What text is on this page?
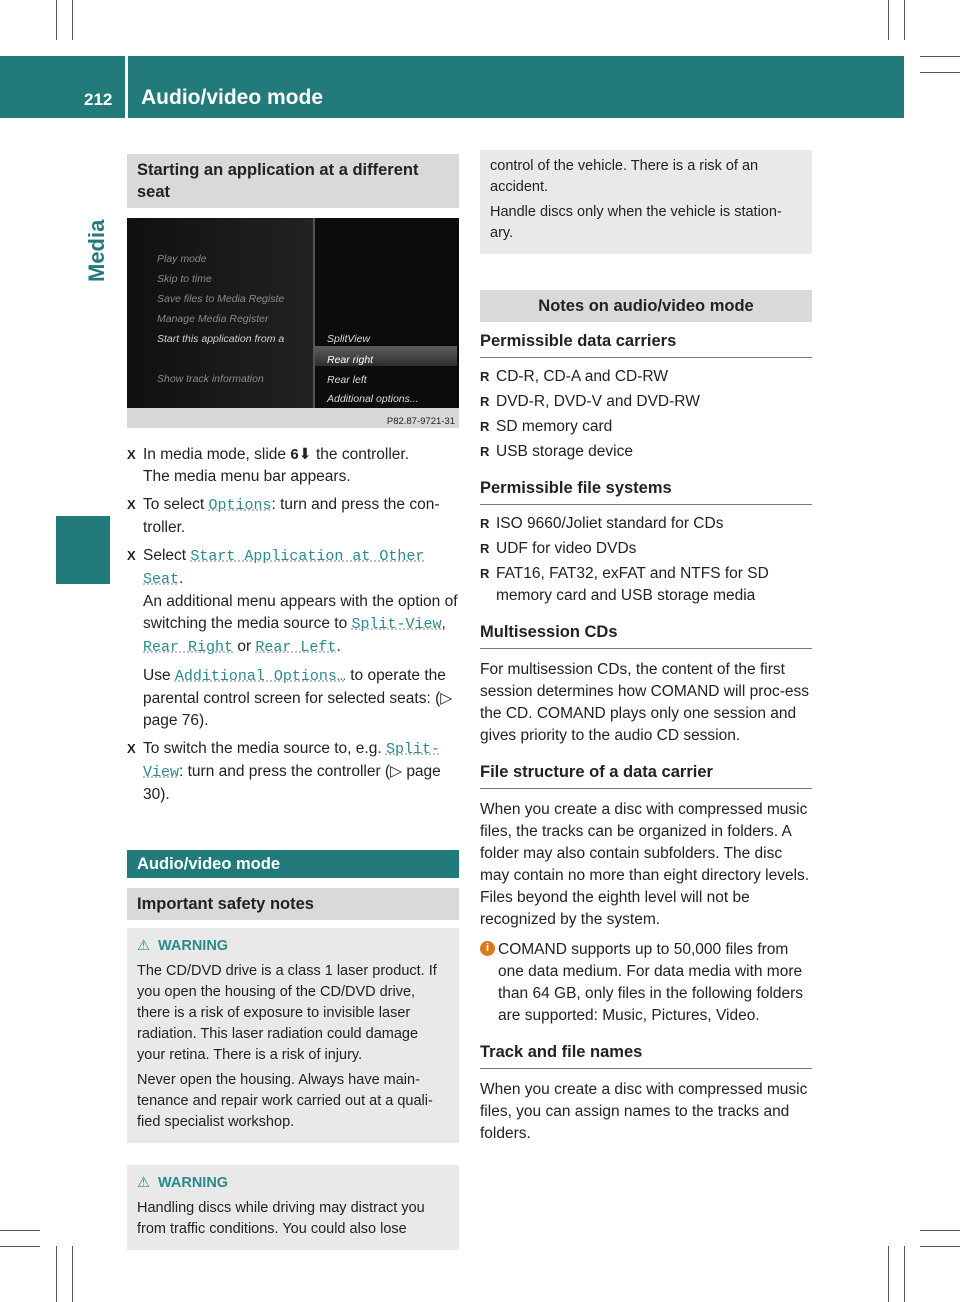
212 Audio/video mode
Media
Starting an application at a different seat
Play mode
Skip to time
Save files to Media Registe
Manage Media Register
Start this application from a
Show track information
SplitView
Rear right
Rear left
Additional options...
P82.87-9721-31
X In media mode, slide 6⬇ the controller.
The media menu bar appears.
X To select Options: turn and press the con-troller.
X Select Start Application at Other Seat.
An additional menu appears with the option of switching the media source to Split-View, Rear Right or Rear Left.
Use Additional Options… to operate the parental control screen for selected seats: (▷ page 76).
X To switch the media source to, e.g. Split-View: turn and press the controller (▷ page 30).
Audio/video mode
Important safety notes
⚠ WARNING

The CD/DVD drive is a class 1 laser product. If you open the housing of the CD/DVD drive, there is a risk of exposure to invisible laser radiation. This laser radiation could damage your retina. There is a risk of injury.

Never open the housing. Always have main-tenance and repair work carried out at a quali-fied specialist workshop.

⚠ WARNING

Handling discs while driving may distract you from traffic conditions. You could also lose

control of the vehicle. There is a risk of an accident.

Handle discs only when the vehicle is station-ary.

Notes on audio/video mode
Permissible data carriers
R CD-R, CD-A and CD-RW
R DVD-R, DVD-V and DVD-RW
R SD memory card
R USB storage device
Permissible file systems
R ISO 9660/Joliet standard for CDs
R UDF for video DVDs
R FAT16, FAT32, exFAT and NTFS for SD memory card and USB storage media
Multisession CDs
For multisession CDs, the content of the first session determines how COMAND will proc-ess the CD. COMAND plays only one session and gives priority to the audio CD session.
File structure of a data carrier
When you create a disc with compressed music files, the tracks can be organized in folders. A folder may also contain subfolders. The disc may contain no more than eight directory levels. Files beyond the eighth level will not be recognized by the system.
i COMAND supports up to 50,000 files from one data medium. For data media with more than 64 GB, only files in the following folders are supported: Music, Pictures, Video.
Track and file names
When you create a disc with compressed music files, you can assign names to the tracks and folders.
